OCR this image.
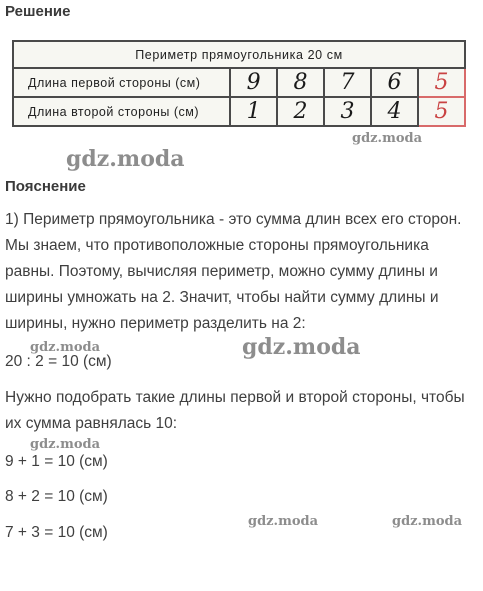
Решение
Периметр прямоугольника 20 см					
Длина первой стороны (см)	9	8	7	6	5
Длина второй стороны (см)	1	2	3	4	5
gdz.moda
gdz.moda
Пояснение
1) Периметр прямоугольника - это сумма длин всех его сторон.
Мы знаем, что противоположные стороны прямоугольника
равны. Поэтому, вычисляя периметр, можно сумму длины и
ширины умножать на 2. Значит, чтобы найти сумму длины и
ширины, нужно периметр разделить на 2:
gdz.moda	gdz.moda
20 : 2 = 10 (см)
Нужно подобрать такие длины первой и второй стороны, чтобы
их сумма равнялась 10:
gdz.moda
9 + 1 = 10 (см)
8 + 2 = 10 (см)
gdz.moda	gdz.moda
7 + 3 = 10 (см)
